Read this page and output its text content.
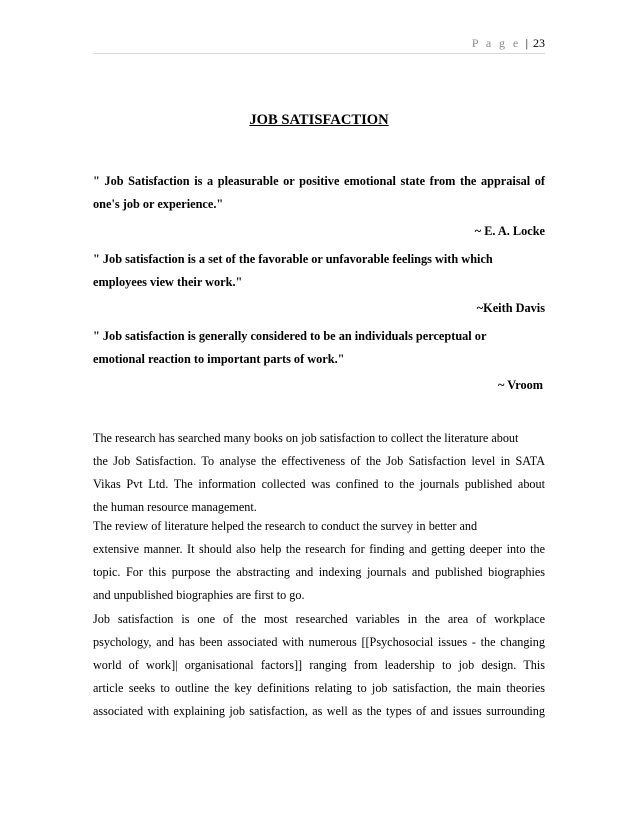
P a g e | 23
JOB SATISFACTION
" Job Satisfaction is a pleasurable or positive emotional state from the appraisal of
one's job or experience."
~ E. A. Locke
" Job satisfaction is a set of the favorable or unfavorable feelings with which
employees view their work."
~Keith Davis
" Job satisfaction is generally considered to be an individuals perceptual or
emotional reaction to important parts of work."
~ Vroom
The research has searched many books on job satisfaction to collect the literature about
the Job Satisfaction. To analyse the effectiveness of the Job Satisfaction level in SATA
Vikas Pvt Ltd. The information collected was confined to the journals published about
the human resource management.
The review of literature helped the research to conduct the survey in better and
extensive manner. It should also help the research for finding and getting deeper into the
topic. For this purpose the abstracting and indexing journals and published biographies
and unpublished biographies are first to go.
Job satisfaction is one of the most researched variables in the area of workplace
psychology, and has been associated with numerous [[Psychosocial issues - the changing
world of work]| organisational factors]] ranging from leadership to job design. This
article seeks to outline the key definitions relating to job satisfaction, the main theories
associated with explaining job satisfaction, as well as the types of and issues surrounding
